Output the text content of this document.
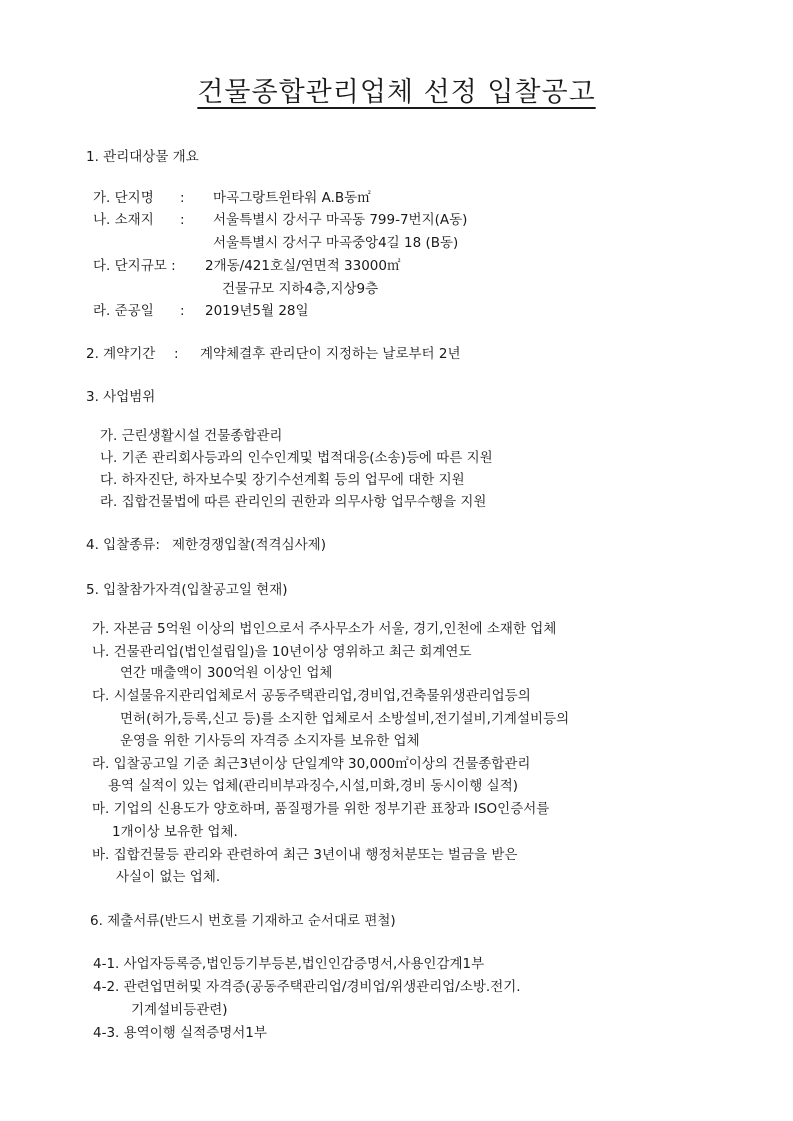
건물종합관리업체 선정 입찰공고
1. 관리대상물 개요
가. 단지명 : 마곡그랑트윈타워 A.B동㎡
나. 소재지 : 서울특별시 강서구 마곡동 799-7번지(A동)
서울특별시 강서구 마곡중앙4길 18 (B동)
다. 단지규모 : 2개동/421호실/연면적 33000㎡
건물규모 지하4층,지상9층
라. 준공일 : 2019년5월 28일
2. 계약기간 : 계약체결후 관리단이 지정하는 날로부터 2년
3. 사업범위
가. 근린생활시설 건물종합관리
나. 기존 관리회사등과의 인수인계및 법적대응(소송)등에 따른 지원
다. 하자진단, 하자보수및 장기수선계획 등의 업무에 대한 지원
라. 집합건물법에 따른 관리인의 권한과 의무사항 업무수행을 지원
4. 입찰종류: 제한경쟁입찰(적격심사제)
5. 입찰참가자격(입찰공고일 현재)
가. 자본금 5억원 이상의 법인으로서 주사무소가 서울, 경기,인천에 소재한 업체
나. 건물관리업(법인설립일)을 10년이상 영위하고 최근 회계연도
연간 매출액이 300억원 이상인 업체
다. 시설물유지관리업체로서 공동주택관리업,경비업,건축물위생관리업등의
면허(허가,등록,신고 등)를 소지한 업체로서 소방설비,전기설비,기계설비등의
운영을 위한 기사등의 자격증 소지자를 보유한 업체
라. 입찰공고일 기준 최근3년이상 단일계약 30,000㎡이상의 건물종합관리
용역 실적이 있는 업체(관리비부과징수,시설,미화,경비 동시이행 실적)
마. 기업의 신용도가 양호하며, 품질평가를 위한 정부기관 표창과 ISO인증서를
1개이상 보유한 업체.
바. 집합건물등 관리와 관련하여 최근 3년이내 행정처분또는 벌금을 받은
사실이 없는 업체.
6. 제출서류(반드시 번호를 기재하고 순서대로 편철)
4-1. 사업자등록증,법인등기부등본,법인인감증명서,사용인감계1부
4-2. 관련업면허및 자격증(공동주택관리업/경비업/위생관리업/소방.전기.
기계설비등관련)
4-3. 용역이행 실적증명서1부
